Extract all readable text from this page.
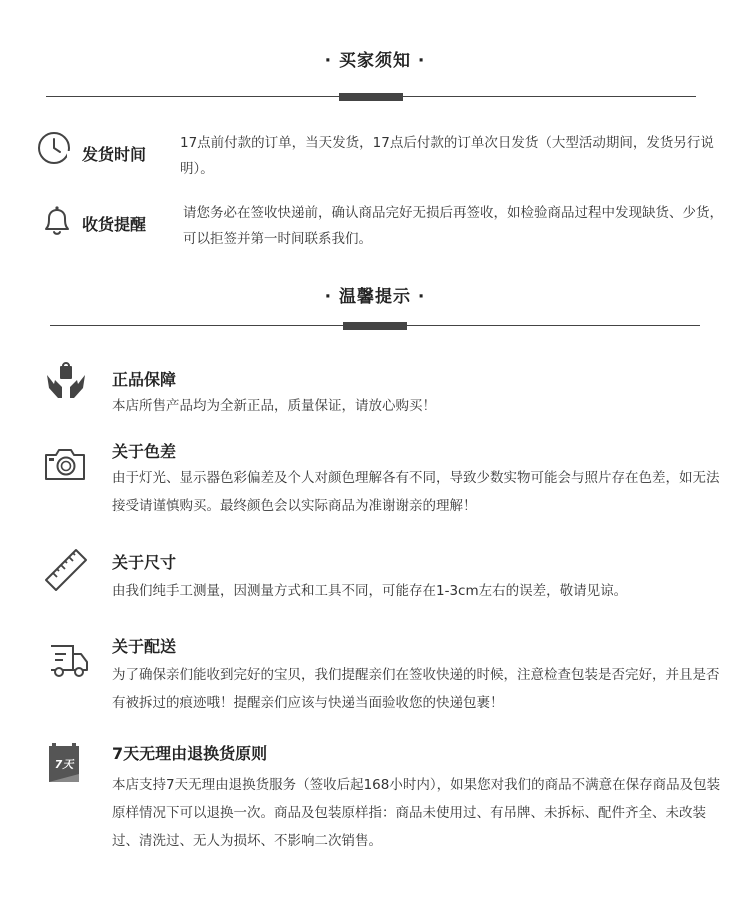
· 买家须知 ·
发货时间
17点前付款的订单，当天发货，17点后付款的订单次日发货（大型活动期间，发货另行说明）。
收货提醒
请您务必在签收快递前，确认商品完好无损后再签收，如检验商品过程中发现缺货、少货，可以拒签并第一时间联系我们。
· 温馨提示 ·
正品保障
本店所售产品均为全新正品，质量保证，请放心购买！
关于色差
由于灯光、显示器色彩偏差及个人对颜色理解各有不同，导致少数实物可能会与照片存在色差，如无法接受请谨慎购买。最终颜色会以实际商品为准谢谢亲的理解！
关于尺寸
由我们纯手工测量，因测量方式和工具不同，可能存在1-3cm左右的误差，敬请见谅。
关于配送
为了确保亲们能收到完好的宝贝，我们提醒亲们在签收快递的时候，注意检查包装是否完好，并且是否有被拆过的痕迹哦！提醒亲们应该与快递当面验收您的快递包裹！
7天
7天无理由退换货原则
本店支持7天无理由退换货服务（签收后起168小时内），如果您对我们的商品不满意在保存商品及包装原样情况下可以退换一次。商品及包装原样指：商品未使用过、有吊牌、未拆标、配件齐全、未改装过、清洗过、无人为损坏、不影响二次销售。
